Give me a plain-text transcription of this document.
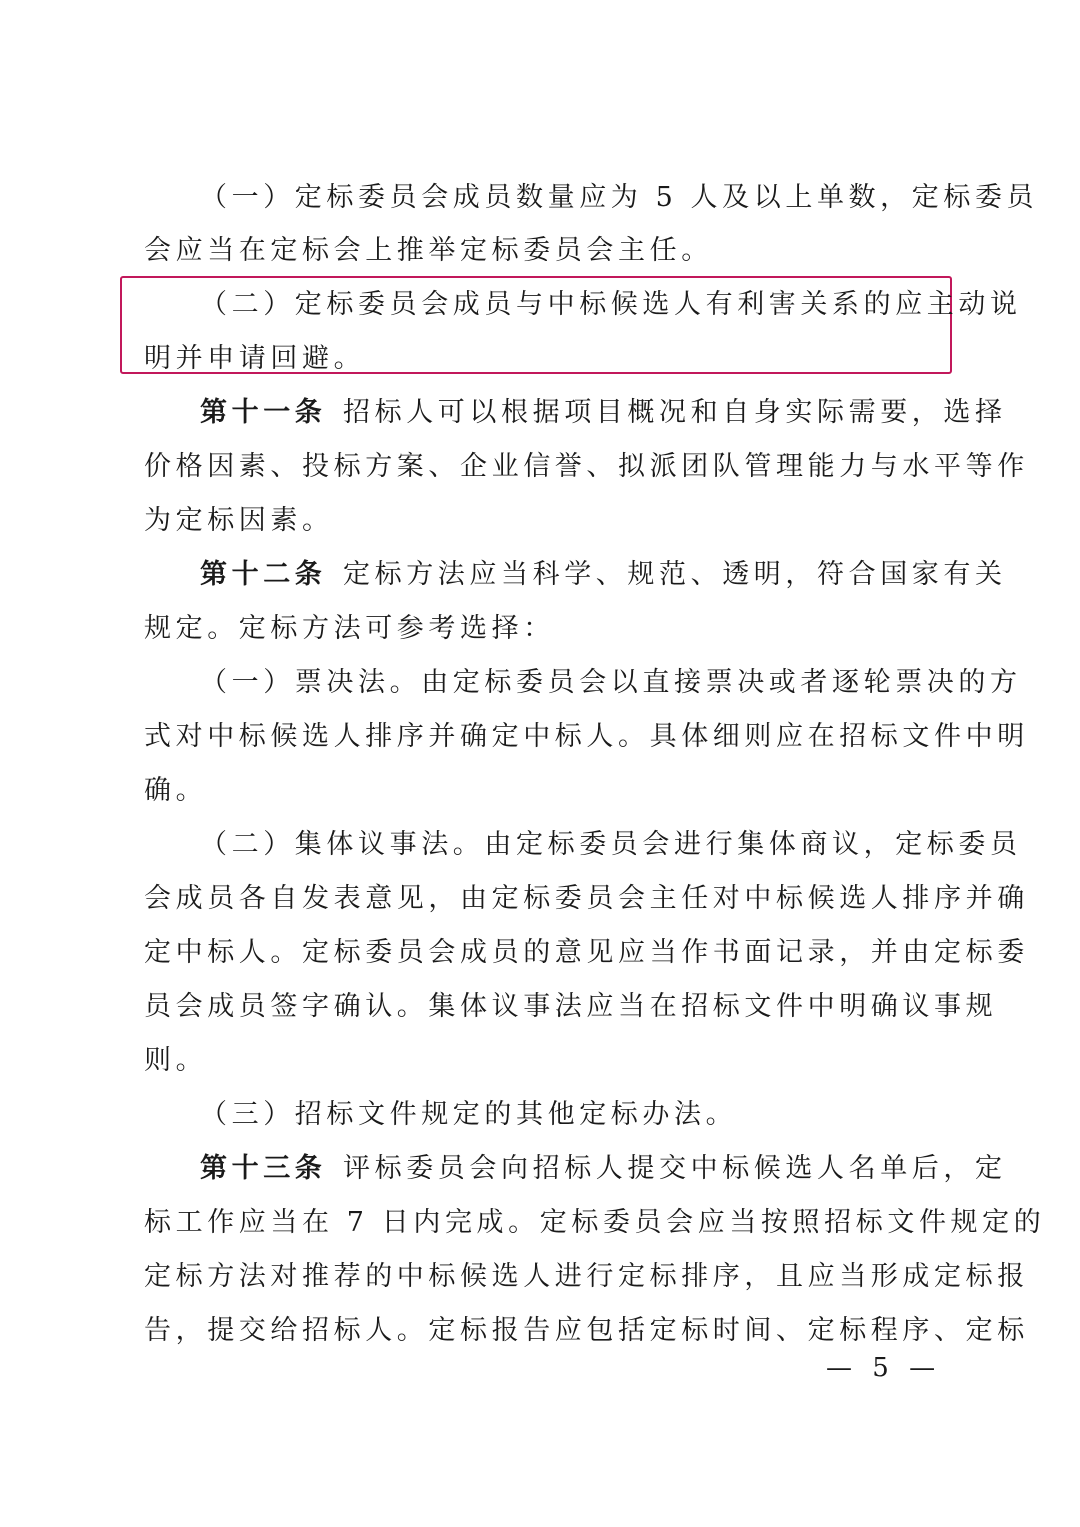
（一）定标委员会成员数量应为 5 人及以上单数，定标委员
会应当在定标会上推举定标委员会主任。
（二）定标委员会成员与中标候选人有利害关系的应主动说
明并申请回避。
第十一条 招标人可以根据项目概况和自身实际需要，选择
价格因素、投标方案、企业信誉、拟派团队管理能力与水平等作
为定标因素。
第十二条 定标方法应当科学、规范、透明，符合国家有关
规定。定标方法可参考选择：
（一）票决法。由定标委员会以直接票决或者逐轮票决的方
式对中标候选人排序并确定中标人。具体细则应在招标文件中明
确。
（二）集体议事法。由定标委员会进行集体商议，定标委员
会成员各自发表意见，由定标委员会主任对中标候选人排序并确
定中标人。定标委员会成员的意见应当作书面记录，并由定标委
员会成员签字确认。集体议事法应当在招标文件中明确议事规
则。
（三）招标文件规定的其他定标办法。
第十三条 评标委员会向招标人提交中标候选人名单后，定
标工作应当在 7 日内完成。定标委员会应当按照招标文件规定的
定标方法对推荐的中标候选人进行定标排序，且应当形成定标报
告，提交给招标人。定标报告应包括定标时间、定标程序、定标
— 5 —
